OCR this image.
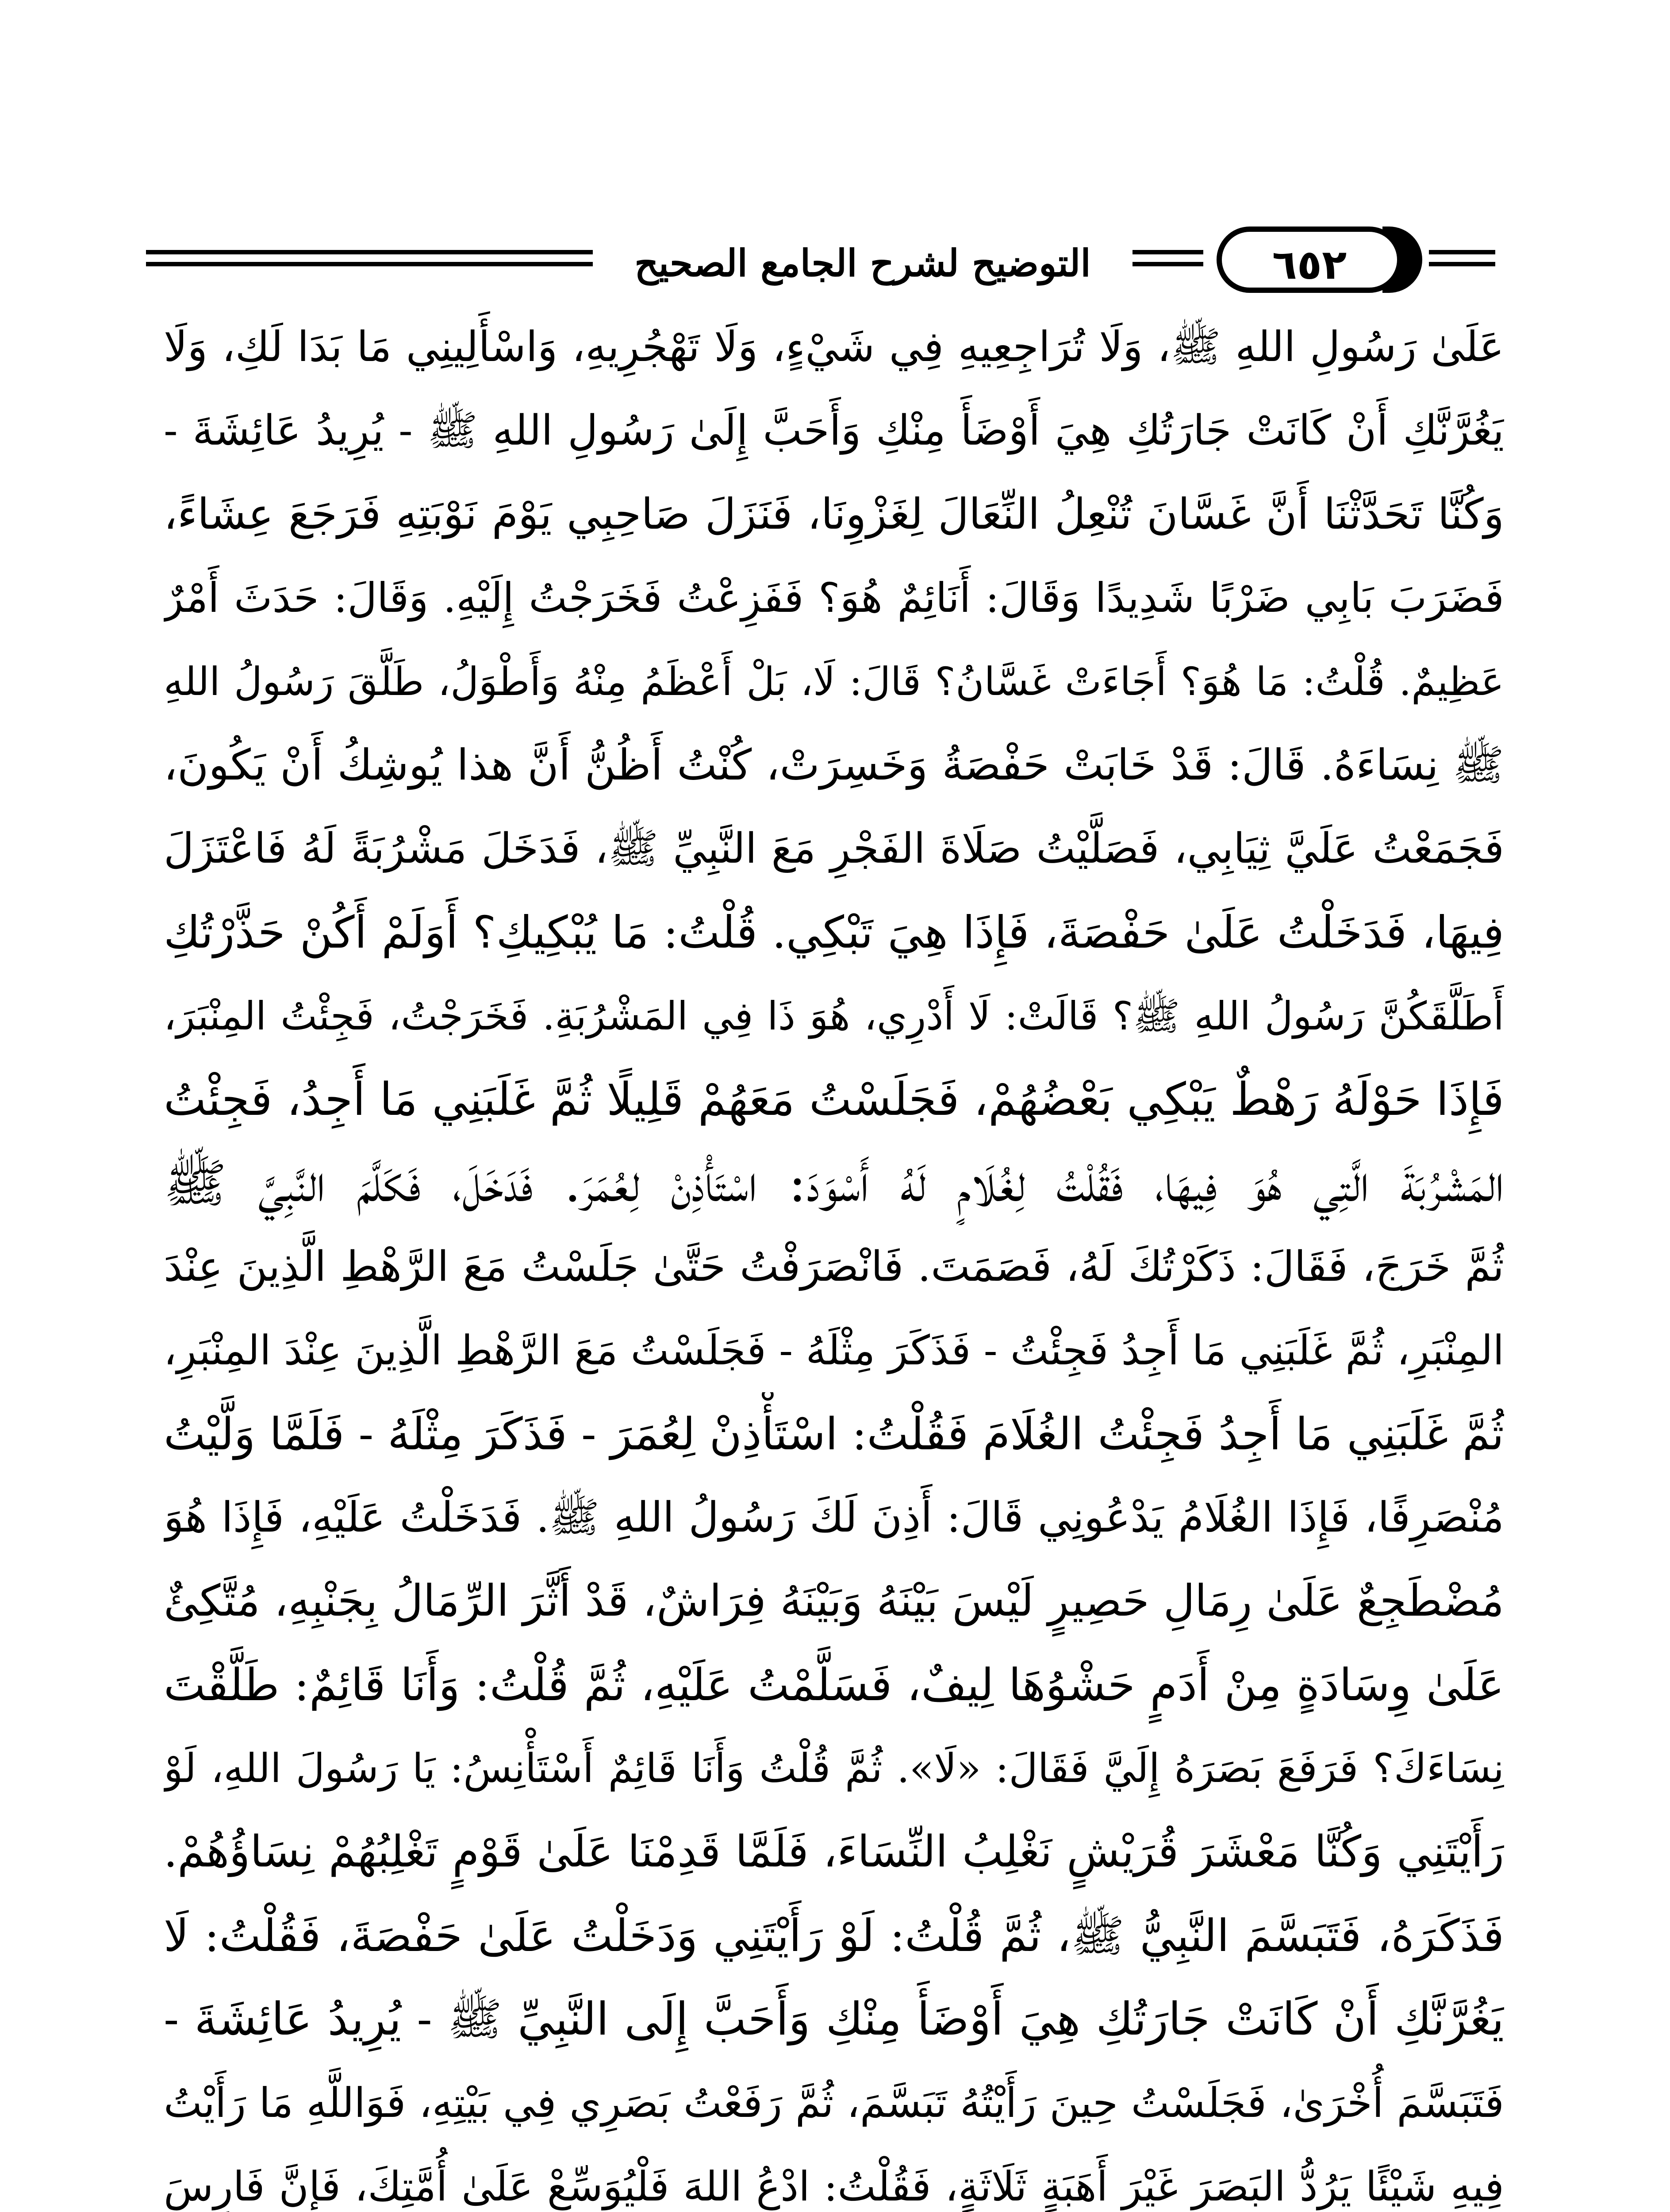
التوضيح لشرح الجامع الصحيح	٦٥٢
عَلَىٰ رَسُولِ اللهِ ﷺ، وَلَا تُرَاجِعِيهِ فِي شَيْءٍ، وَلَا تَهْجُرِيهِ، وَاسْأَلِينِي مَا بَدَا لَكِ، وَلَا
يَغُرَّنَّكِ أَنْ كَانَتْ جَارَتُكِ هِيَ أَوْضَأَ مِنْكِ وَأَحَبَّ إِلَىٰ رَسُولِ اللهِ ﷺ - يُرِيدُ عَائِشَةَ -
وَكُنَّا تَحَدَّثْنَا أَنَّ غَسَّانَ تُنْعِلُ النِّعَالَ لِغَزْوِنَا، فَنَزَلَ صَاحِبِي يَوْمَ نَوْبَتِهِ فَرَجَعَ عِشَاءً،
فَضَرَبَ بَابِي ضَرْبًا شَدِيدًا وَقَالَ: أَنَائِمٌ هُوَ؟ فَفَزِعْتُ فَخَرَجْتُ إِلَيْهِ. وَقَالَ: حَدَثَ أَمْرٌ
عَظِيمٌ. قُلْتُ: مَا هُوَ؟ أَجَاءَتْ غَسَّانُ؟ قَالَ: لَا، بَلْ أَعْظَمُ مِنْهُ وَأَطْوَلُ، طَلَّقَ رَسُولُ اللهِ
ﷺ نِسَاءَهُ. قَالَ: قَدْ خَابَتْ حَفْصَةُ وَخَسِرَتْ، كُنْتُ أَظُنُّ أَنَّ هذا يُوشِكُ أَنْ يَكُونَ،
فَجَمَعْتُ عَلَيَّ ثِيَابِي، فَصَلَّيْتُ صَلَاةَ الفَجْرِ مَعَ النَّبِيِّ ﷺ، فَدَخَلَ مَشْرُبَةً لَهُ فَاعْتَزَلَ
فِيهَا، فَدَخَلْتُ عَلَىٰ حَفْصَةَ، فَإِذَا هِيَ تَبْكِي. قُلْتُ: مَا يُبْكِيكِ؟ أَوَلَمْ أَكُنْ حَذَّرْتُكِ
أَطَلَّقَكُنَّ رَسُولُ اللهِ ﷺ؟ قَالَتْ: لَا أَدْرِي، هُوَ ذَا فِي المَشْرُبَةِ. فَخَرَجْتُ، فَجِئْتُ المِنْبَرَ،
فَإِذَا حَوْلَهُ رَهْطٌ يَبْكِي بَعْضُهُمْ، فَجَلَسْتُ مَعَهُمْ قَلِيلًا ثُمَّ غَلَبَنِي مَا أَجِدُ، فَجِئْتُ
المَشْرُبَةَ الَّتِي هُوَ فِيهَا، فَقُلْتُ لِغُلَامٍ لَهُ أَسْوَدَ: اسْتَأْذِنْ لِعُمَرَ. فَدَخَلَ، فَكَلَّمَ النَّبِيَّ ﷺ
ثُمَّ خَرَجَ، فَقَالَ: ذَكَرْتُكَ لَهُ، فَصَمَتَ. فَانْصَرَفْتُ حَتَّىٰ جَلَسْتُ مَعَ الرَّهْطِ الَّذِينَ عِنْدَ
المِنْبَرِ، ثُمَّ غَلَبَنِي مَا أَجِدُ فَجِئْتُ - فَذَكَرَ مِثْلَهُ - فَجَلَسْتُ مَعَ الرَّهْطِ الَّذِينَ عِنْدَ المِنْبَرِ،
ثُمَّ غَلَبَنِي مَا أَجِدُ فَجِئْتُ الغُلَامَ فَقُلْتُ: اسْتَأْذِنْ لِعُمَرَ - فَذَكَرَ مِثْلَهُ - فَلَمَّا وَلَّيْتُ
مُنْصَرِفًا، فَإِذَا الغُلَامُ يَدْعُونِي قَالَ: أَذِنَ لَكَ رَسُولُ اللهِ ﷺ. فَدَخَلْتُ عَلَيْهِ، فَإِذَا هُوَ
مُضْطَجِعٌ عَلَىٰ رِمَالِ حَصِيرٍ لَيْسَ بَيْنَهُ وَبَيْنَهُ فِرَاشٌ، قَدْ أَثَّرَ الرِّمَالُ بِجَنْبِهِ، مُتَّكِئٌ
عَلَىٰ وِسَادَةٍ مِنْ أَدَمٍ حَشْوُهَا لِيفٌ، فَسَلَّمْتُ عَلَيْهِ، ثُمَّ قُلْتُ: وَأَنَا قَائِمٌ: طَلَّقْتَ
نِسَاءَكَ؟ فَرَفَعَ بَصَرَهُ إِلَيَّ فَقَالَ: «لَا». ثُمَّ قُلْتُ وَأَنَا قَائِمٌ أَسْتَأْنِسُ: يَا رَسُولَ اللهِ، لَوْ
رَأَيْتَنِي وَكُنَّا مَعْشَرَ قُرَيْشٍ نَغْلِبُ النِّسَاءَ، فَلَمَّا قَدِمْنَا عَلَىٰ قَوْمٍ تَغْلِبُهُمْ نِسَاؤُهُمْ.
فَذَكَرَهُ، فَتَبَسَّمَ النَّبِيُّ ﷺ، ثُمَّ قُلْتُ: لَوْ رَأَيْتَنِي وَدَخَلْتُ عَلَىٰ حَفْصَةَ، فَقُلْتُ: لَا
يَغُرَّنَّكِ أَنْ كَانَتْ جَارَتُكِ هِيَ أَوْضَأَ مِنْكِ وَأَحَبَّ إِلَى النَّبِيِّ ﷺ - يُرِيدُ عَائِشَةَ -
فَتَبَسَّمَ أُخْرَىٰ، فَجَلَسْتُ حِينَ رَأَيْتُهُ تَبَسَّمَ، ثُمَّ رَفَعْتُ بَصَرِي فِي بَيْتِهِ، فَوَاللَّهِ مَا رَأَيْتُ
فِيهِ شَيْئًا يَرُدُّ البَصَرَ غَيْرَ أَهَبَةٍ ثَلَاثَةٍ، فَقُلْتُ: ادْعُ اللهَ فَلْيُوَسِّعْ عَلَىٰ أُمَّتِكَ، فَإِنَّ فَارِسَ
